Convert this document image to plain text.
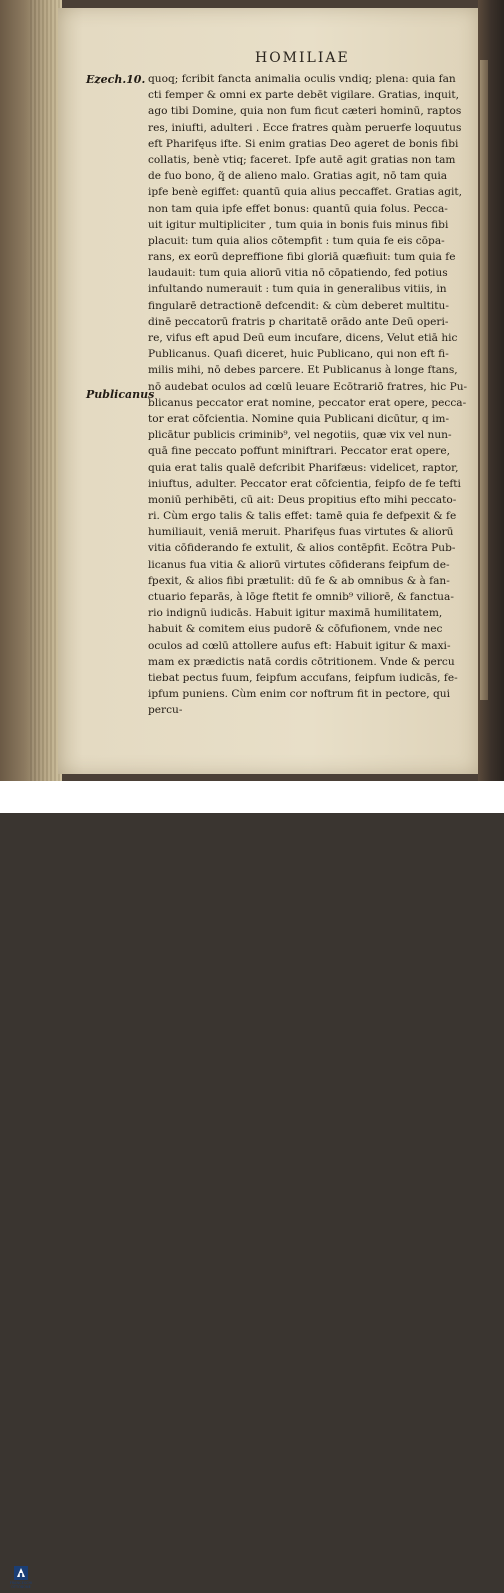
HOMILIAE
Ezech.10.
Publicanus
quoq; fcribit fancta animalia oculis vndiq; plena: quia fan
cti femper & omni ex parte debēt vigilare. Gratias, inquit,
ago tibi Domine, quia non fum ficut cæteri hominū, raptos
res, iniufti, adulteri . Ecce fratres quàm peruerfe loquutus
eft Pharifęus ifte. Si enim gratias Deo ageret de bonis fibi
collatis, benè vtiq; faceret. Ipfe autē agit gratias non tam
de fuo bono, q̃ de alieno malo. Gratias agit, nō tam quia
ipfe benè egiffet: quantū quia alius peccaffet. Gratias agit,
non tam quia ipfe effet bonus: quantū quia folus. Pecca-
uit igitur multipliciter , tum quia in bonis fuis minus fibi
placuit: tum quia alios cōtempfit : tum quia fe eis cōpa-
rans, ex eorū depreffione fibi gloriā quæfiuit: tum quia fe
laudauit: tum quia aliorū vitia nō cōpatiendo, fed potius
infultando numerauit : tum quia in generalibus vitiis, in
fingularē detractionē defcendit: & cùm deberet multitu-
dinē peccatorū fratris p charitatē orādo ante Deū operi-
re, vifus eft apud Deū eum incufare, dicens, Velut etiā hic
Publicanus. Quafi diceret, huic Publicano, qui non eft fi-
milis mihi, nō debes parcere. Et Publicanus à longe ftans,
nō audebat oculos ad cœlū leuare Ecōtrariō fratres, hic Pu-
blicanus peccator erat nomine, peccator erat opere, pecca-
tor erat cōfcientia. Nomine quia Publicani dicūtur, q im-
plicātur publicis criminib⁹, vel negotiis, quæ vix vel nun-
quā fine peccato poffunt miniftrari. Peccator erat opere,
quia erat talis qualē defcribit Pharifæus: videlicet, raptor,
iniuftus, adulter. Peccator erat cōfcientia, feipfo de fe tefti
moniū perhibēti, cū ait: Deus propitius efto mihi peccato-
ri. Cùm ergo talis & talis effet: tamē quia fe defpexit & fe
humiliauit, veniā meruit. Pharifęus fuas virtutes & aliorū
vitia cōfiderando fe extulit, & alios contēpfit. Ecōtra Pub-
licanus fua vitia & aliorū virtutes cōfiderans feipfum de-
fpexit, & alios fibi prætulit: dū fe & ab omnibus & à fan-
ctuario feparās, à lōge ftetit fe omnib⁹ viliorē, & fanctua-
rio indignū iudicās. Habuit igitur maximā humilitatem,
habuit & comitem eius pudorē & cōfufionem, vnde nec
oculos ad cœlū attollere aufus eft: Habuit igitur & maxi-
mam ex prædictis natā cordis cōtritionem. Vnde & percu
tiebat pectus fuum, feipfum accufans, feipfum iudicās, fe-
ipfum puniens. Cùm enim cor noftrum fit in pectore, qui
percu-
FRANCESCHI
OTTOBONE
